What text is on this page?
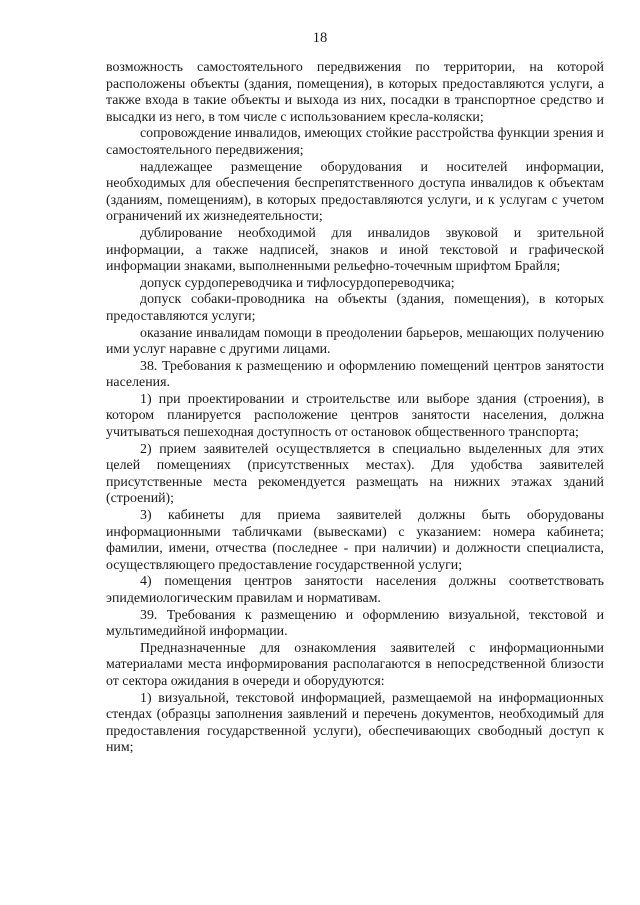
18

возможность самостоятельного передвижения по территории, на которой расположены объекты (здания, помещения), в которых предоставляются услуги, а также входа в такие объекты и выхода из них, посадки в транспортное средство и высадки из него, в том числе с использованием кресла-коляски;

сопровождение инвалидов, имеющих стойкие расстройства функции зрения и самостоятельного передвижения;

надлежащее размещение оборудования и носителей информации, необходимых для обеспечения беспрепятственного доступа инвалидов к объектам (зданиям, помещениям), в которых предоставляются услуги, и к услугам с учетом ограничений их жизнедеятельности;

дублирование необходимой для инвалидов звуковой и зрительной информации, а также надписей, знаков и иной текстовой и графической информации знаками, выполненными рельефно-точечным шрифтом Брайля;

допуск сурдопереводчика и тифлосурдопереводчика;

допуск собаки-проводника на объекты (здания, помещения), в которых предоставляются услуги;

оказание инвалидам помощи в преодолении барьеров, мешающих получению ими услуг наравне с другими лицами.

38. Требования к размещению и оформлению помещений центров занятости населения.

1) при проектировании и строительстве или выборе здания (строения), в котором планируется расположение центров занятости населения, должна учитываться пешеходная доступность от остановок общественного транспорта;

2) прием заявителей осуществляется в специально выделенных для этих целей помещениях (присутственных местах). Для удобства заявителей присутственные места рекомендуется размещать на нижних этажах зданий (строений);

3) кабинеты для приема заявителей должны быть оборудованы информационными табличками (вывесками) с указанием: номера кабинета; фамилии, имени, отчества (последнее - при наличии) и должности специалиста, осуществляющего предоставление государственной услуги;

4) помещения центров занятости населения должны соответствовать эпидемиологическим правилам и нормативам.

39. Требования к размещению и оформлению визуальной, текстовой и мультимедийной информации.

Предназначенные для ознакомления заявителей с информационными материалами места информирования располагаются в непосредственной близости от сектора ожидания в очереди и оборудуются:

1) визуальной, текстовой информацией, размещаемой на информационных стендах (образцы заполнения заявлений и перечень документов, необходимый для предоставления государственной услуги), обеспечивающих свободный доступ к ним;
